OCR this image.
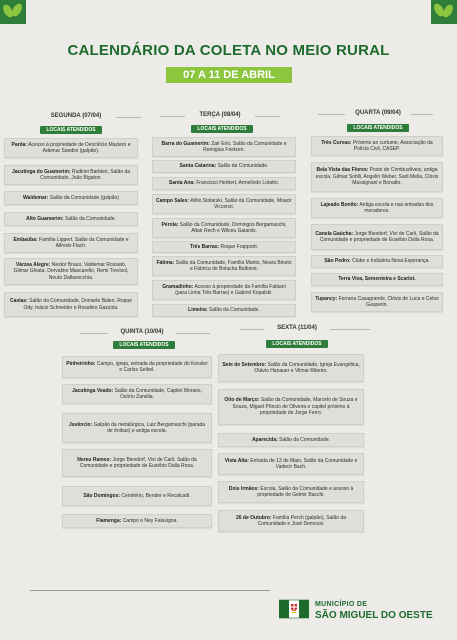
CALENDÁRIO DA COLETA NO MEIO RURAL
07 A 11 DE ABRIL
SEGUNDA (07/04)
LOCAIS ATENDIDOS
Parda: Acesso à propriedade de Deoclécio Maziero e Ademar Sandini (galpão).
Jacutinga do Guamerim: Rudinei Barbieri, Salão da Comunidade, João Bigaton.
Waldemar: Salão da Comunidade (galpão)
Alto Guamerim: Salão da Comunidade.
Embaúba: Família Lippert, Salão da Comunidade e Alfredo Flach.
Várzea Alegre: Nestor Braun, Valdemar Rossato, Gilmar Ghiata, Dorvalino Mascarello, Remi Trevisol, Neuto Dallavecchia.
Caxias: Salão da Comunidade, Doniarte Balen, Roque Ody, Inácio Schneider e Rosalino Gazzola.
TERÇA (08/04)
LOCAIS ATENDIDOS
Barra do Guamerim: Zair Erlo, Salão da Comunidade e Remigius Frietzen.
Santa Catarina: Salão da Comunidade.
Santa Ana: Francisco Herbert, Armelindo Lotatto.
Campo Sales: Atílio Stolarski, Salão da Comunidade, Moacir Viccenzi.
Pérola: Salão da Comunidade, Domingos Bergamaschi, Altair Rech e Wilceu Gaiardo.
Três Barras: Roque Frapporti.
Fátima: Salão da Comunidade, Família Manto, Neura Bineto e Fábrica de Bolacha Balbinot.
Gramadinho: Acesso à propriedade da Família Fabiani (para Linha Três Barras) e Gabriel Kopalski.
Limeira: Salão da Comunidade.
QUARTA (09/04)
LOCAIS ATENDIDOS
Três Curvas: Próximo ao curtume, Associação da Polícia Civil, CASEP.
Bela Vista das Flores: Posto de Combustíveis, antiga escola, Gilmar Sotilli, Angelin Weber, Sadi Mella, Clóvis Massignani e Bonatto.
Lajeado Bonito: Antiga escola e nas entradas dos moradores.
Canela Gaúcha: Jorge Biesdorf, Vivi de Carli, Salão da Comunidade e propriedade de Eusébio Dalla Rosa.
São Pedro: Clube e Indústria Nova Esperança.
Terra Viva, Sementeira e Scariot.
Tupancy: Ferraria Casagrande, Clóvis de Luca e Celso Gasperin.
QUINTA (10/04)
LOCAIS ATENDIDOS
Pinheirinho: Campo, igreja, entrada da propriedade do Kessler e Carlos Seibel.
Jacutinga Veado: Salão da Comunidade, Capitel Moraes, Osório Zanella.
Juvêncio: Galpão da metalúrgica, Luiz Bergamaschi (parada de ônibus) e antiga escola.
Nereu Ramos: Jorge Biesdorf, Vivi de Carli, Salão da Comunidade e propriedade de Eusébio Dalla Rosa.
São Domingos: Cemitério, Bender e Recalcatti.
Flamenga: Campo e Ney Falavigna.
SEXTA (11/04)
LOCAIS ATENDIDOS
Sete de Setembro: Salão da Comunidade, Igreja Evangélica, Otávio Hanauer e Vilmar Ribeiro.
Oito de Março: Salão da Comunidade, Marcelo de Souza e Souza, Miguel Pôncio de Oliveira e capitel próximo à propriedade de Jorge Ferro.
Aparecida: Salão da Comunidade.
Vista Alta: Entrada de 13 de Maio, Salão da Comunidade e Vadecir Bach.
Dois Irmãos: Escola, Salão da Comunidade e acesso à propriedade de Gelmir Bacchi.
26 de Outubro: Família Perch (galpão), Salão da Comunidade e José Demossi.
MUNICÍPIO DE
SÃO MIGUEL DO OESTE
